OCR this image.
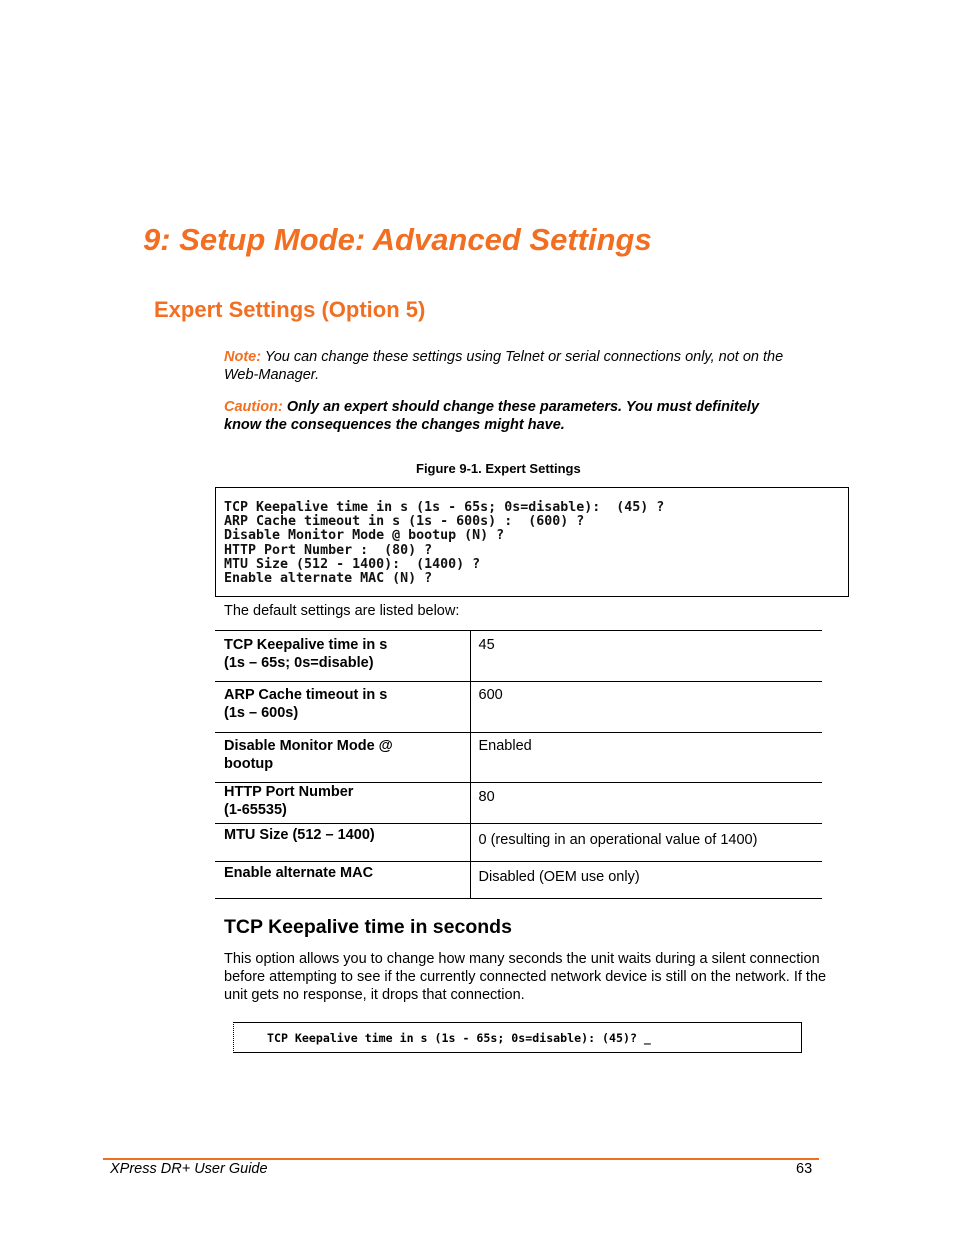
9: Setup Mode: Advanced Settings
Expert Settings (Option 5)
Note: You can change these settings using Telnet or serial connections only, not on the Web-Manager.
Caution: Only an expert should change these parameters. You must definitely know the consequences the changes might have.
Figure 9-1. Expert Settings
TCP Keepalive time in s (1s - 65s; 0s=disable):  (45) ?
ARP Cache timeout in s (1s - 600s) :  (600) ?
Disable Monitor Mode @ bootup (N) ?
HTTP Port Number :  (80) ?
MTU Size (512 - 1400):  (1400) ?
Enable alternate MAC (N) ?
The default settings are listed below:
TCP Keepalive time in s
(1s – 65s; 0s=disable)	45

ARP Cache timeout in s
(1s – 600s)	600

Disable Monitor Mode @
bootup	Enabled

HTTP Port Number
(1-65535)	80

MTU Size (512 – 1400)	0 (resulting in an operational value of 1400)

Enable alternate MAC	Disabled (OEM use only)
TCP Keepalive time in seconds
This option allows you to change how many seconds the unit waits during a silent connection before attempting to see if the currently connected network device is still on the network. If the unit gets no response, it drops that connection.
TCP Keepalive time in s (1s - 65s; 0s=disable): (45)? _
XPress DR+ User Guide	63
